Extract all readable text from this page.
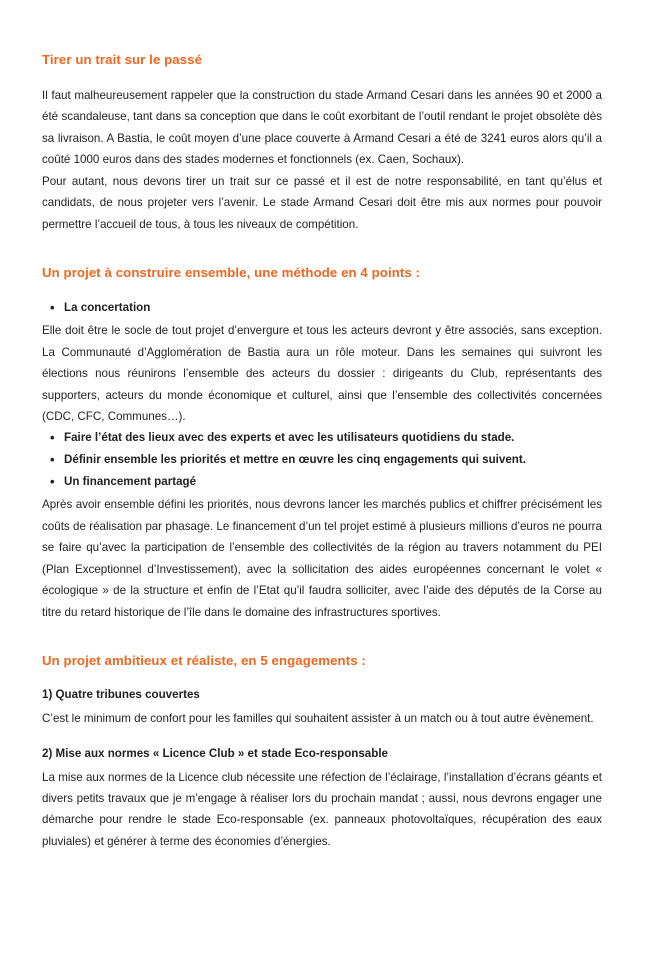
Tirer un trait sur le passé

Il faut malheureusement rappeler que la construction du stade Armand Cesari dans les années 90 et 2000 a été scandaleuse, tant dans sa conception que dans le coût exorbitant de l’outil rendant le projet obsolète dès sa livraison. A Bastia, le coût moyen d’une place couverte à Armand Cesari a été de 3241 euros alors qu’il a coûté 1000 euros dans des stades modernes et fonctionnels (ex. Caen, Sochaux).

Pour autant, nous devons tirer un trait sur ce passé et il est de notre responsabilité, en tant qu’élus et candidats, de nous projeter vers l’avenir. Le stade Armand Cesari doit être mis aux normes pour pouvoir permettre l’accueil de tous, à tous les niveaux de compétition.

Un projet à construire ensemble, une méthode en 4 points :
• La concertation

Elle doit être le socle de tout projet d’envergure et tous les acteurs devront y être associés, sans exception. La Communauté d’Agglomération de Bastia aura un rôle moteur. Dans les semaines qui suivront les élections nous réunirons l’ensemble des acteurs du dossier : dirigeants du Club, représentants des supporters, acteurs du monde économique et culturel, ainsi que l’ensemble des collectivités concernées (CDC, CFC, Communes…).

• Faire l’état des lieux avec des experts et avec les utilisateurs quotidiens du stade.
• Définir ensemble les priorités et mettre en œuvre les cinq engagements qui suivent.
• Un financement partagé

Après avoir ensemble défini les priorités, nous devrons lancer les marchés publics et chiffrer précisément les coûts de réalisation par phasage. Le financement d’un tel projet estimé à plusieurs millions d’euros ne pourra se faire qu’avec la participation de l’ensemble des collectivités de la région au travers notamment du PEI (Plan Exceptionnel d’Investissement), avec la sollicitation des aides européennes concernant le volet « écologique » de la structure et enfin de l’Etat qu’il faudra solliciter, avec l’aide des députés de la Corse au titre du retard historique de l’île dans le domaine des infrastructures sportives.

Un projet ambitieux et réaliste, en 5 engagements :
1) Quatre tribunes couvertes

C’est le minimum de confort pour les familles qui souhaitent assister à un match ou à tout autre évènement.

2) Mise aux normes « Licence Club » et stade Eco-responsable

La mise aux normes de la Licence club nécessite une réfection de l’éclairage, l’installation d’écrans géants et divers petits travaux que je m’engage à réaliser lors du prochain mandat ; aussi, nous devrons engager une démarche pour rendre le stade Eco-responsable (ex. panneaux photovoltaïques, récupération des eaux pluviales) et générer à terme des économies d’énergies.
